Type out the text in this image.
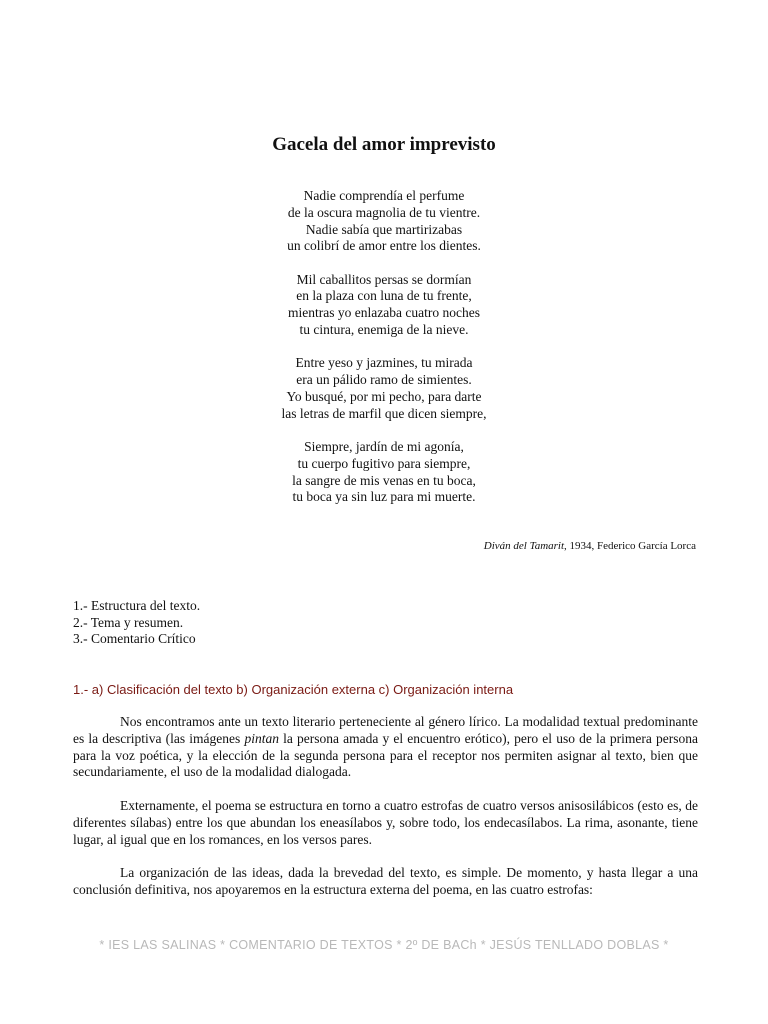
Gacela del amor imprevisto
Nadie comprendía el perfume
de la oscura magnolia de tu vientre.
Nadie sabía que martirizabas
un colibrí de amor entre los dientes.
Mil caballitos persas se dormían
en la plaza con luna de tu frente,
mientras yo enlazaba cuatro noches
tu cintura, enemiga de la nieve.
Entre yeso y jazmines, tu mirada
era un pálido ramo de simientes.
Yo busqué, por mi pecho, para darte
las letras de marfil que dicen siempre,
Siempre, jardín de mi agonía,
tu cuerpo fugitivo para siempre,
la sangre de mis venas en tu boca,
tu boca ya sin luz para mi muerte.
Diván del Tamarit, 1934, Federico García Lorca
1.- Estructura del texto.
2.- Tema y resumen.
3.- Comentario Crítico
1.- a) Clasificación del texto b) Organización externa c) Organización interna
Nos encontramos ante un texto literario perteneciente al género lírico. La modalidad textual predominante es la descriptiva (las imágenes pintan la persona amada y el encuentro erótico), pero el uso de la primera persona para la voz poética, y la elección de la segunda persona para el receptor nos permiten asignar al texto, bien que secundariamente, el uso de la modalidad dialogada.
Externamente, el poema se estructura en torno a cuatro estrofas de cuatro versos anisosilábicos (esto es, de diferentes sílabas) entre los que abundan los eneasílabos y, sobre todo, los endecasílabos. La rima, asonante, tiene lugar, al igual que en los romances, en los versos pares.
La organización de las ideas, dada la brevedad del texto, es simple. De momento, y hasta llegar a una conclusión definitiva, nos apoyaremos en la estructura externa del poema, en las cuatro estrofas:
* IES LAS SALINAS * COMENTARIO DE TEXTOS * 2º DE BACh * JESÚS TENLLADO DOBLAS *
